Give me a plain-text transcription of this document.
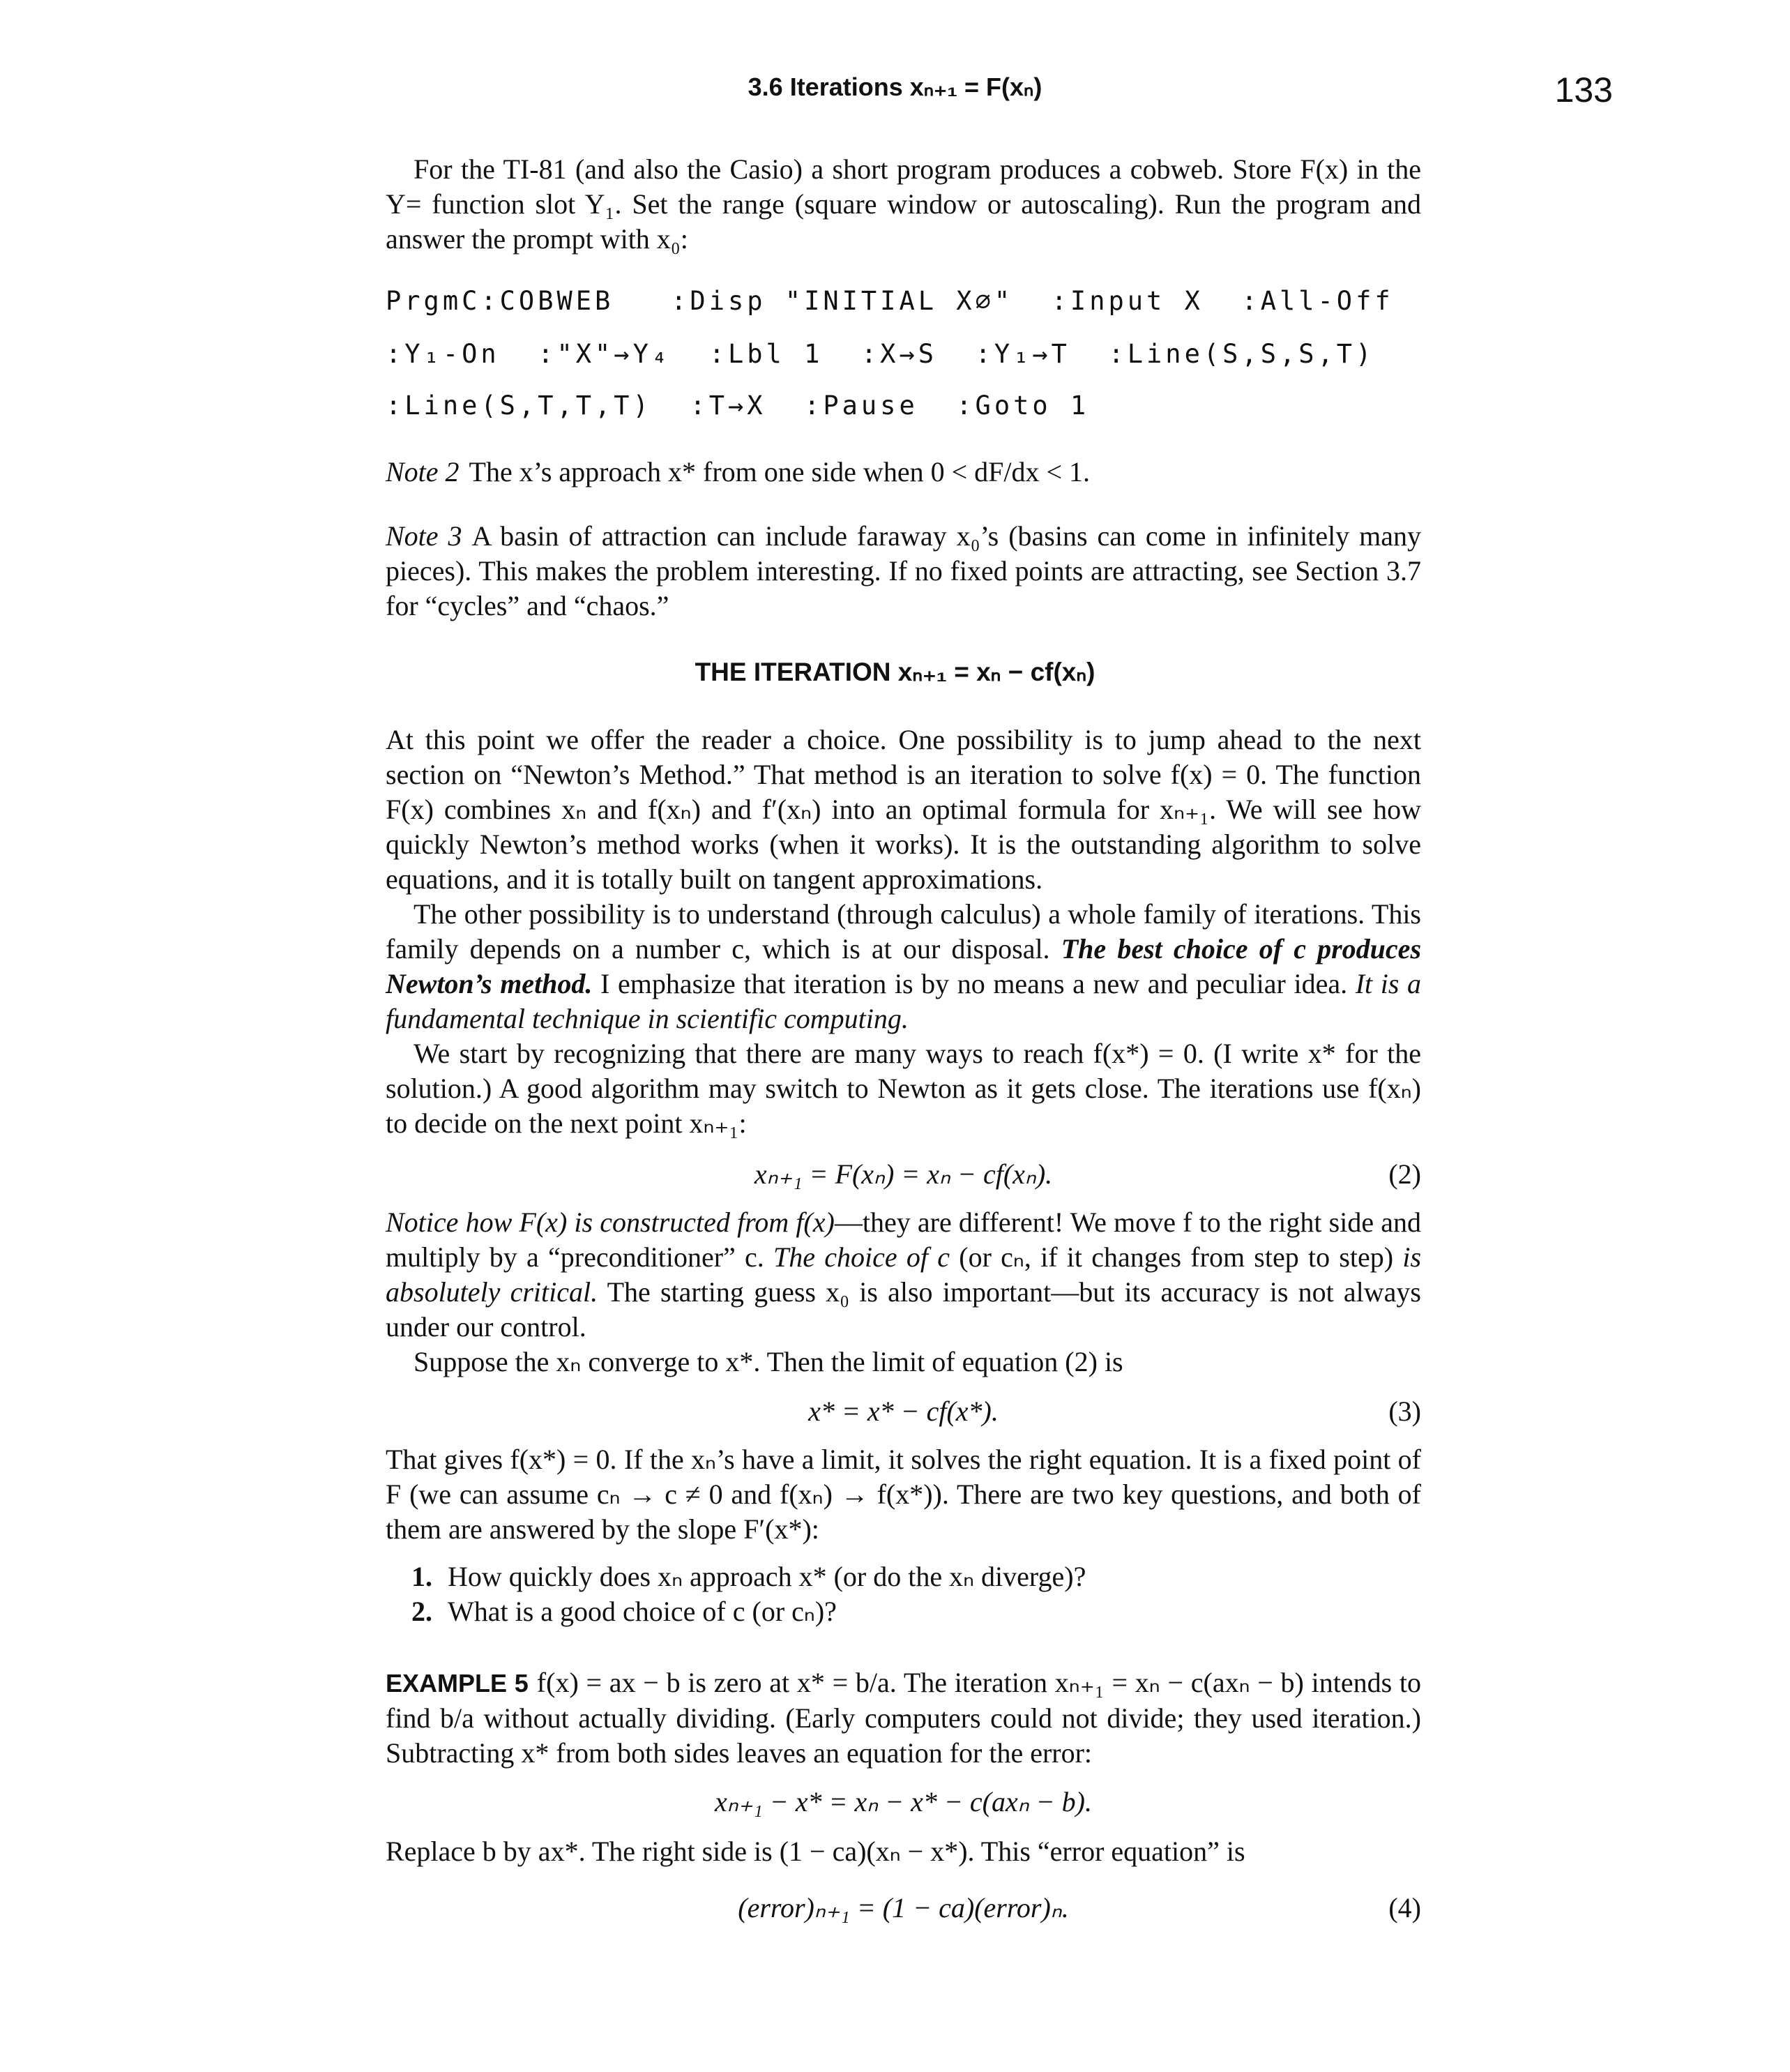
3.6 Iterations xₙ₊₁ = F(xₙ)	133

For the TI-81 (and also the Casio) a short program produces a cobweb. Store F(x) in the Y= function slot Y₁. Set the range (square window or autoscaling). Run the program and answer the prompt with x₀:

PrgmC:COBWEB   :Disp "INITIAL X∅"  :Input X  :All-Off
:Y₁-On  :"X"→Y₄  :Lbl 1  :X→S  :Y₁→T  :Line(S,S,S,T)
:Line(S,T,T,T)  :T→X  :Pause  :Goto 1

Note 2 The x’s approach x* from one side when 0 < dF/dx < 1.

Note 3 A basin of attraction can include faraway x₀’s (basins can come in infinitely many pieces). This makes the problem interesting. If no fixed points are attracting, see Section 3.7 for “cycles” and “chaos.”

THE ITERATION xₙ₊₁ = xₙ − cf(xₙ)

At this point we offer the reader a choice. One possibility is to jump ahead to the next section on “Newton’s Method.” That method is an iteration to solve f(x) = 0. The function F(x) combines xₙ and f(xₙ) and f′(xₙ) into an optimal formula for xₙ₊₁. We will see how quickly Newton’s method works (when it works). It is the outstanding algorithm to solve equations, and it is totally built on tangent approximations.

The other possibility is to understand (through calculus) a whole family of iterations. This family depends on a number c, which is at our disposal. The best choice of c produces Newton’s method. I emphasize that iteration is by no means a new and peculiar idea. It is a fundamental technique in scientific computing.

We start by recognizing that there are many ways to reach f(x*) = 0. (I write x* for the solution.) A good algorithm may switch to Newton as it gets close. The iterations use f(xₙ) to decide on the next point xₙ₊₁:

xₙ₊₁ = F(xₙ) = xₙ − cf(xₙ).	(2)

Notice how F(x) is constructed from f(x)—they are different! We move f to the right side and multiply by a “preconditioner” c. The choice of c (or cₙ, if it changes from step to step) is absolutely critical. The starting guess x₀ is also important—but its accuracy is not always under our control.

Suppose the xₙ converge to x*. Then the limit of equation (2) is

x* = x* − cf(x*).	(3)

That gives f(x*) = 0. If the xₙ’s have a limit, it solves the right equation. It is a fixed point of F (we can assume cₙ → c ≠ 0 and f(xₙ) → f(x*)). There are two key questions, and both of them are answered by the slope F′(x*):

1. How quickly does xₙ approach x* (or do the xₙ diverge)?

2. What is a good choice of c (or cₙ)?

EXAMPLE 5 f(x) = ax − b is zero at x* = b/a. The iteration xₙ₊₁ = xₙ − c(axₙ − b) intends to find b/a without actually dividing. (Early computers could not divide; they used iteration.) Subtracting x* from both sides leaves an equation for the error:

xₙ₊₁ − x* = xₙ − x* − c(axₙ − b).

Replace b by ax*. The right side is (1 − ca)(xₙ − x*). This “error equation” is

(error)ₙ₊₁ = (1 − ca)(error)ₙ.	(4)
